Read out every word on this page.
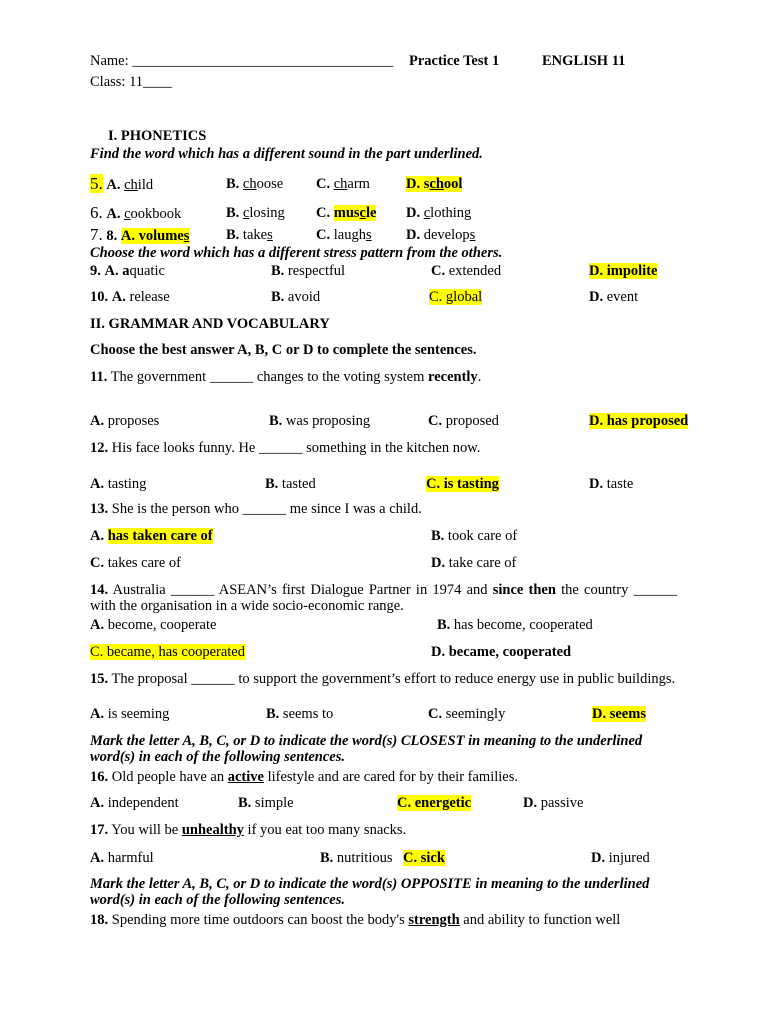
Name: ____________________________________ Practice Test 1	ENGLISH 11
Class: 11____
I. PHONETICS
Find the word which has a different sound in the part underlined.
5. A. child	B. choose C. charm D. school
6. A. cookbook	B. closing C. muscle D. clothing
7. 8. A. volumes	B. takes	C. laughs D. develops
Choose the word which has a different stress pattern from the others.
9. A. aquatic	B. respectful	C. extended	D. impolite
10. A. release	B. avoid	C. global	D. event
II. GRAMMAR AND VOCABULARY
Choose the best answer A, B, C or D to complete the sentences.
11. The government ______ changes to the voting system recently.
A. proposes	B. was proposing	C. proposed	D. has proposed
12. His face looks funny. He ______ something in the kitchen now.
A. tasting	B. tasted	C. is tasting	D. taste
13. She is the person who ______ me since I was a child.
A. has taken care of	B. took care of
C. takes care of	D. take care of
14. Australia ______ ASEAN’s first Dialogue Partner in 1974 and since then the country ______ with the organisation in a wide socio-economic range.
A. become, cooperate	B. has become, cooperated
C. became, has cooperated	D. became, cooperated
15. The proposal ______ to support the government’s effort to reduce energy use in public buildings.
A. is seeming	B. seems to	C. seemingly	D. seems
Mark the letter A, B, C, or D to indicate the word(s) CLOSEST in meaning to the underlined word(s) in each of the following sentences.
16. Old people have an active lifestyle and are cared for by their families.
A. independent	B. simple	C. energetic	D. passive
17. You will be unhealthy if you eat too many snacks.
A. harmful	B. nutritious C. sick	D. injured
Mark the letter A, B, C, or D to indicate the word(s) OPPOSITE in meaning to the underlined word(s) in each of the following sentences.
18. Spending more time outdoors can boost the body's strength and ability to function well
